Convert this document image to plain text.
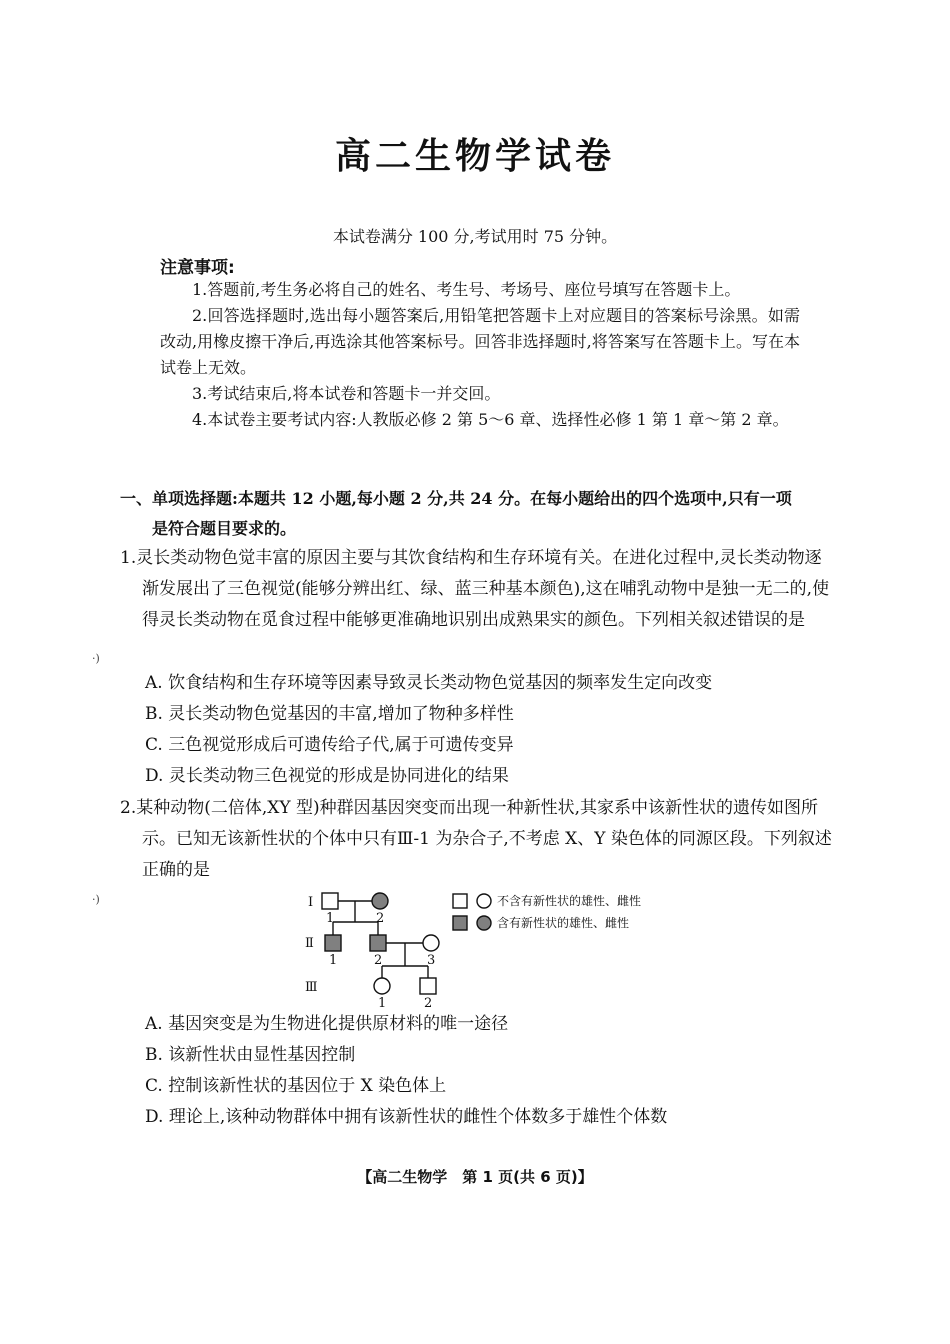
高二生物学试卷
本试卷满分 100 分,考试用时 75 分钟。
注意事项:

1.答题前,考生务必将自己的姓名、考生号、考场号、座位号填写在答题卡上。

2.回答选择题时,选出每小题答案后,用铅笔把答题卡上对应题目的答案标号涂黑。如需改动,用橡皮擦干净后,再选涂其他答案标号。回答非选择题时,将答案写在答题卡上。写在本试卷上无效。

3.考试结束后,将本试卷和答题卡一并交回。

4.本试卷主要考试内容:人教版必修 2 第 5～6 章、选择性必修 1 第 1 章～第 2 章。

一、单项选择题:本题共 12 小题,每小题 2 分,共 24 分。在每小题给出的四个选项中,只有一项
是符合题目要求的。

1.灵长类动物色觉丰富的原因主要与其饮食结构和生存环境有关。在进化过程中,灵长类动物逐渐发展出了三色视觉(能够分辨出红、绿、蓝三种基本颜色),这在哺乳动物中是独一无二的,使得灵长类动物在觅食过程中能够更准确地识别出成熟果实的颜色。下列相关叙述错误的是

·)
A. 饮食结构和生存环境等因素导致灵长类动物色觉基因的频率发生定向改变
B. 灵长类动物色觉基因的丰富,增加了物种多样性
C. 三色视觉形成后可遗传给子代,属于可遗传变异
D. 灵长类动物三色视觉的形成是协同进化的结果

2.某种动物(二倍体,XY 型)种群因基因突变而出现一种新性状,其家系中该新性状的遗传如图所示。已知无该新性状的个体中只有Ⅲ-1 为杂合子,不考虑 X、Y 染色体的同源区段。下列叙述正确的是

·)	Ⅰ
Ⅱ
Ⅲ
1	2
1	2	3
1	2
不含有新性状的雄性、雌性
含有新性状的雄性、雌性
A. 基因突变是为生物进化提供原材料的唯一途径
B. 该新性状由显性基因控制
C. 控制该新性状的基因位于 X 染色体上
D. 理论上,该种动物群体中拥有该新性状的雌性个体数多于雄性个体数
【高二生物学　第 1 页(共 6 页)】
